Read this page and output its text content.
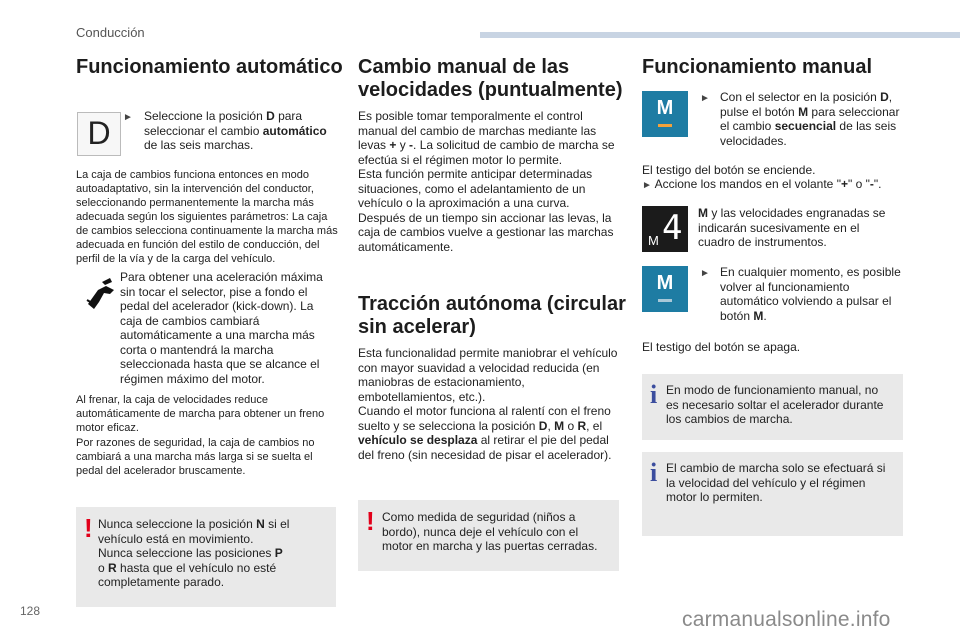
Conducción
Funcionamiento automático
D	► Seleccione la posición D para seleccionar el cambio automático de las seis marchas.
La caja de cambios funciona entonces en modo autoadaptativo, sin la intervención del conductor, seleccionando permanentemente la marcha más adecuada según los siguientes parámetros: La caja de cambios selecciona continuamente la marcha más adecuada en función del estilo de conducción, del perfil de la vía y de la carga del vehículo.
Para obtener una aceleración máxima sin tocar el selector, pise a fondo el pedal del acelerador (kick-down). La caja de cambios cambiará automáticamente a una marcha más corta o mantendrá la marcha seleccionada hasta que se alcance el régimen máximo del motor.
Al frenar, la caja de velocidades reduce automáticamente de marcha para obtener un freno motor eficaz.
Por razones de seguridad, la caja de cambios no cambiará a una marcha más larga si se suelta el pedal del acelerador bruscamente.
! Nunca seleccione la posición N si el vehículo está en movimiento.
Nunca seleccione las posiciones P
o R hasta que el vehículo no esté completamente parado.
Cambio manual de las velocidades (puntualmente)
Es posible tomar temporalmente el control manual del cambio de marchas mediante las levas + y -. La solicitud de cambio de marcha se efectúa si el régimen motor lo permite.
Esta función permite anticipar determinadas situaciones, como el adelantamiento de un vehículo o la aproximación a una curva.
Después de un tiempo sin accionar las levas, la caja de cambios vuelve a gestionar las marchas automáticamente.
Tracción autónoma (circular sin acelerar)
Esta funcionalidad permite maniobrar el vehículo con mayor suavidad a velocidad reducida (en maniobras de estacionamiento, embotellamientos, etc.).
Cuando el motor funciona al ralentí con el freno suelto y se selecciona la posición D, M o R, el vehículo se desplaza al retirar el pie del pedal del freno (sin necesidad de pisar el acelerador).
! Como medida de seguridad (niños a bordo), nunca deje el vehículo con el motor en marcha y las puertas cerradas.
Funcionamiento manual
M	► Con el selector en la posición D, pulse el botón M para seleccionar el cambio secuencial de las seis velocidades.
El testigo del botón se enciende.
► Accione los mandos en el volante "+" o "-".
M 4 M y las velocidades engranadas se indicarán sucesivamente en el cuadro de instrumentos.
M	► En cualquier momento, es posible volver al funcionamiento automático volviendo a pulsar el botón M.
El testigo del botón se apaga.
i En modo de funcionamiento manual, no es necesario soltar el acelerador durante los cambios de marcha.
i El cambio de marcha solo se efectuará si la velocidad del vehículo y el régimen motor lo permiten.
128	carmanualsonline.info
